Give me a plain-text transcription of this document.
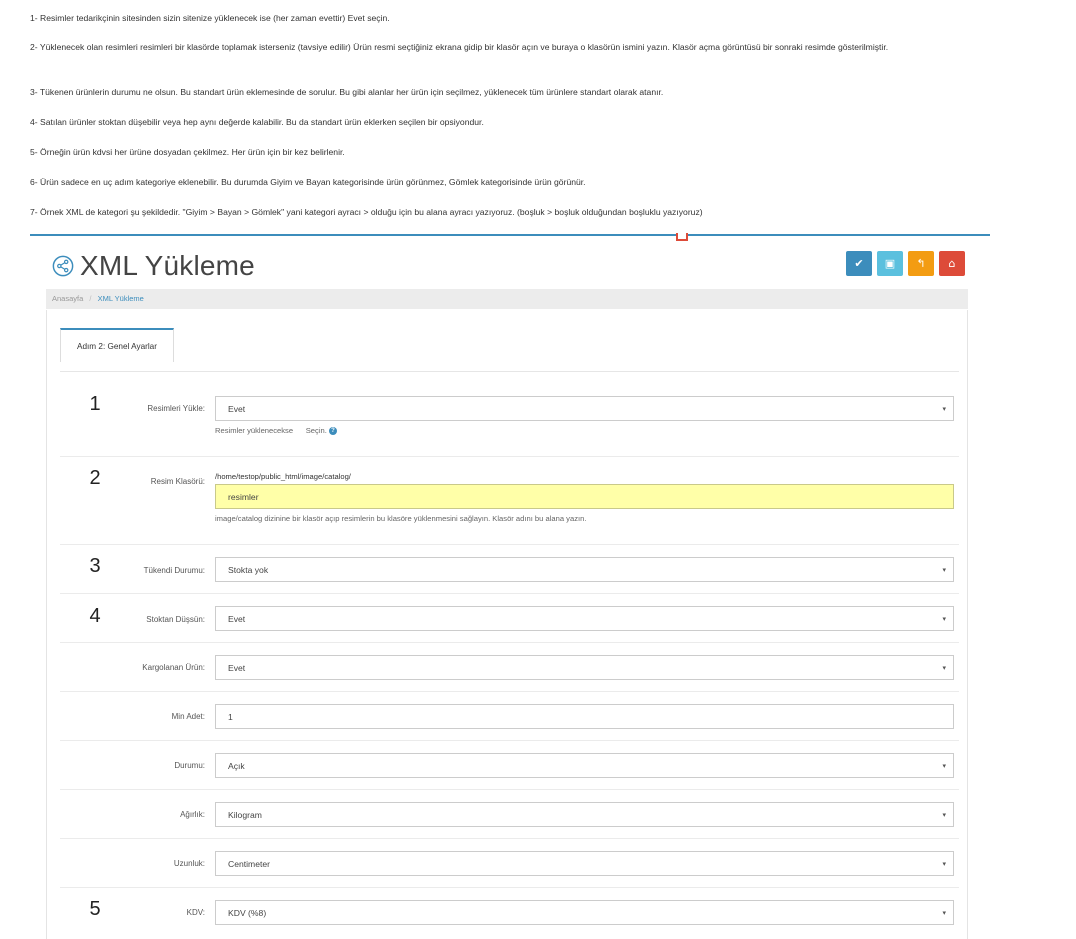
1- Resimler tedarikçinin sitesinden sizin sitenize yüklenecek ise (her zaman evettir) Evet seçin.
2- Yüklenecek olan resimleri resimleri bir klasörde toplamak isterseniz (tavsiye edilir) Ürün resmi seçtiğiniz ekrana gidip bir klasör açın ve buraya o klasörün ismini yazın. Klasör açma görüntüsü bir sonraki resimde gösterilmiştir.
3- Tükenen ürünlerin durumu ne olsun. Bu standart ürün eklemesinde de sorulur. Bu gibi alanlar her ürün için seçilmez, yüklenecek tüm ürünlere standart olarak atanır.
4- Satılan ürünler stoktan düşebilir veya hep aynı değerde kalabilir. Bu da standart ürün eklerken seçilen bir opsiyondur.
5- Örneğin ürün kdvsi her ürüne dosyadan çekilmez. Her ürün için bir kez belirlenir.
6- Ürün sadece en uç adım kategoriye eklenebilir. Bu durumda Giyim ve Bayan kategorisinde ürün görünmez, Gömlek kategorisinde ürün görünür.
7- Örnek XML de kategori şu şekildedir. "Giyim > Bayan > Gömlek" yani kategori ayracı > olduğu için bu alana ayracı yazıyoruz. (boşluk > boşluk olduğundan boşluklu yazıyoruz)
XML Yükleme	✔ ▣ ↰ ⌂
Anasayfa / XML Yükleme
Adım 2: Genel Ayarlar
1	Resimleri Yükle:	Evet	▾
Resimler yüklenecekse      Seçin. ?
2	Resim Klasörü:
/home/testop/public_html/image/catalog/
resimler
image/catalog dizinine bir klasör açıp resimlerin bu klasöre yüklenmesini sağlayın. Klasör adını bu alana yazın.
3	Tükendi Durumu:	Stokta yok	▾
4	Stoktan Düşsün:	Evet	▾
Kargolanan Ürün:	Evet	▾
Min Adet:	1
Durumu:	Açık	▾
Ağırlık:	Kilogram	▾
Uzunluk:	Centimeter	▾
5	KDV:	KDV (%8)	▾
